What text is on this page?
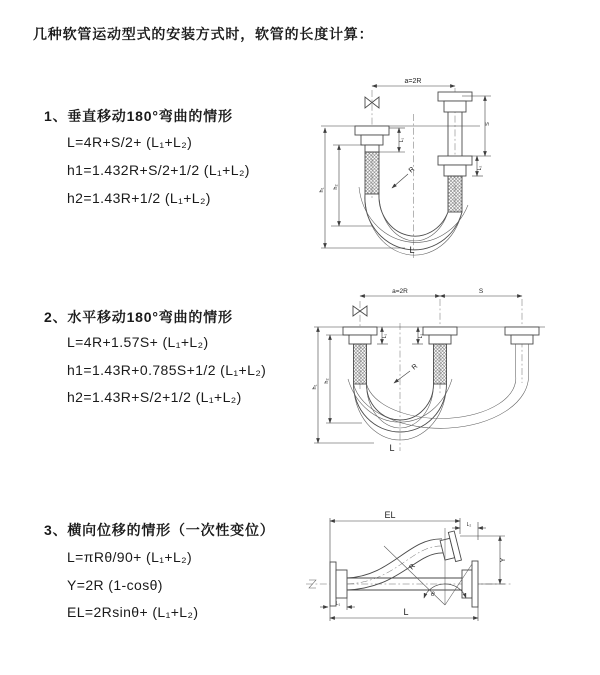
几种软管运动型式的安装方式时，软管的长度计算：
1、垂直移动180°弯曲的情形
L=4R+S/2+ (L₁+L₂)
h1=1.432R+S/2+1/2 (L₁+L₂)
h2=1.43R+1/2 (L₁+L₂)
2、水平移动180°弯曲的情形
L=4R+1.57S+ (L₁+L₂)
h1=1.43R+0.785S+1/2 (L₁+L₂)
h2=1.43R+S/2+1/2 (L₁+L₂)
3、横向位移的情形（一次性变位）
L=πRθ/90+ (L₁+L₂)
Y=2R (1-cosθ)
EL=2Rsinθ+ (L₁+L₂)
a=2R
R
L
h₁
h₂
L₁
S
L₂
a=2R	S
R
L
h₁
h₂
L₁	L₂
R
θ
EL
L₂
Y
L
L₁
